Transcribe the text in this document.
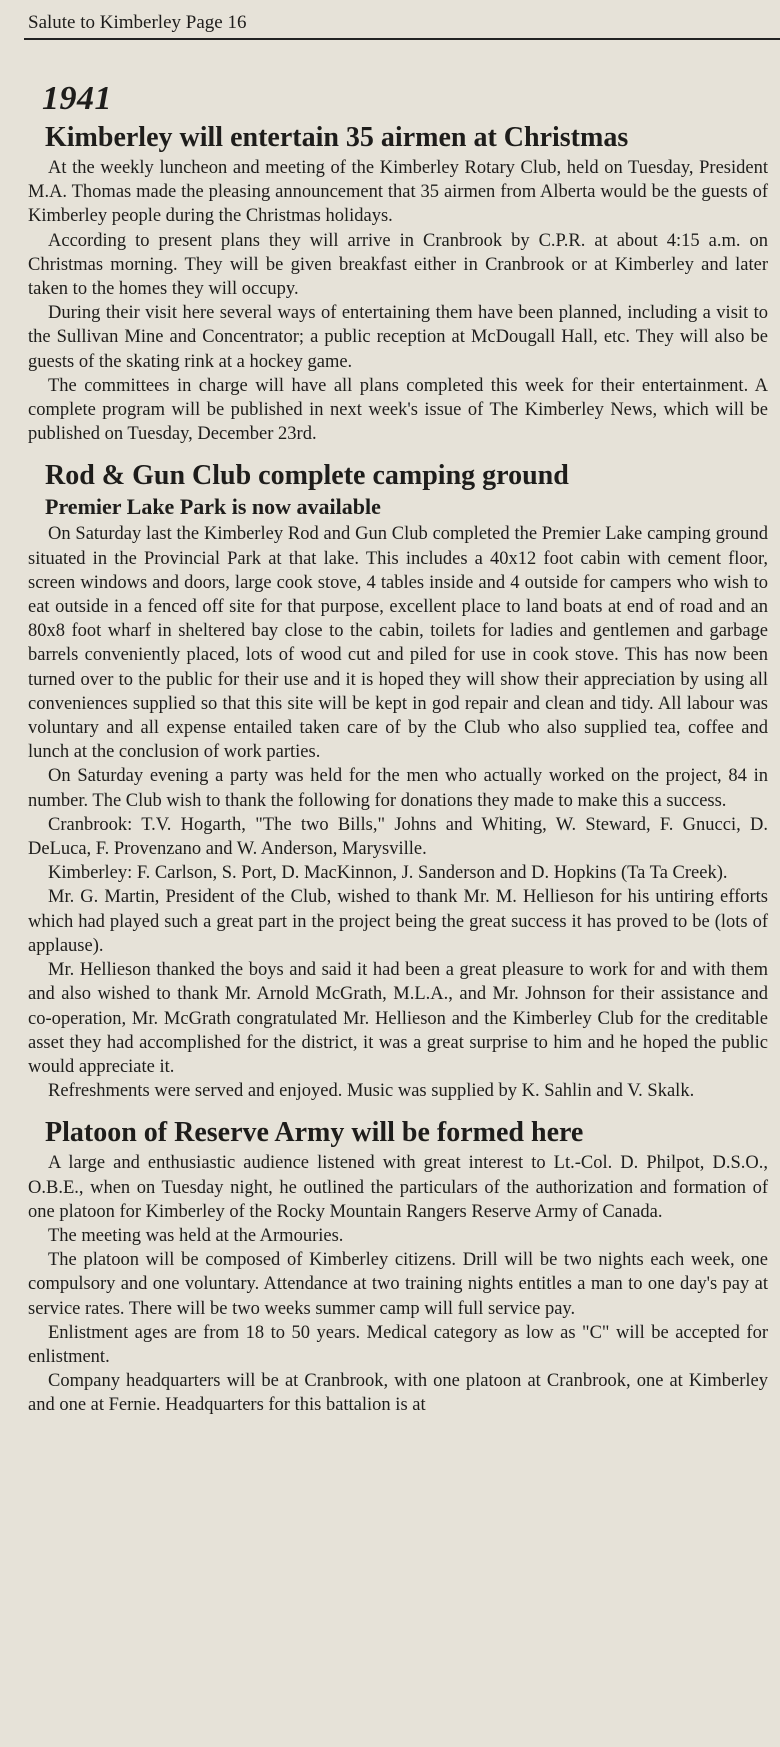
Salute to Kimberley Page 16
1941
Kimberley will entertain 35 airmen at Christmas

At the weekly luncheon and meeting of the Kimberley Rotary Club, held on Tuesday, President M.A. Thomas made the pleasing announcement that 35 airmen from Alberta would be the guests of Kimberley people during the Christmas holidays.

According to present plans they will arrive in Cranbrook by C.P.R. at about 4:15 a.m. on Christmas morning. They will be given breakfast either in Cranbrook or at Kimberley and later taken to the homes they will occupy.

During their visit here several ways of entertaining them have been planned, including a visit to the Sullivan Mine and Concentrator; a public reception at McDougall Hall, etc. They will also be guests of the skating rink at a hockey game.

The committees in charge will have all plans completed this week for their entertainment. A complete program will be published in next week's issue of The Kimberley News, which will be published on Tuesday, December 23rd.

Rod & Gun Club complete camping ground
Premier Lake Park is now available

On Saturday last the Kimberley Rod and Gun Club completed the Premier Lake camping ground situated in the Provincial Park at that lake. This includes a 40x12 foot cabin with cement floor, screen windows and doors, large cook stove, 4 tables inside and 4 outside for campers who wish to eat outside in a fenced off site for that purpose, excellent place to land boats at end of road and an 80x8 foot wharf in sheltered bay close to the cabin, toilets for ladies and gentlemen and garbage barrels conveniently placed, lots of wood cut and piled for use in cook stove. This has now been turned over to the public for their use and it is hoped they will show their appreciation by using all conveniences supplied so that this site will be kept in god repair and clean and tidy. All labour was voluntary and all expense entailed taken care of by the Club who also supplied tea, coffee and lunch at the conclusion of work parties.

On Saturday evening a party was held for the men who actually worked on the project, 84 in number. The Club wish to thank the following for donations they made to make this a success.

Cranbrook: T.V. Hogarth, "The two Bills," Johns and Whiting, W. Steward, F. Gnucci, D. DeLuca, F. Provenzano and W. Anderson, Marysville.

Kimberley: F. Carlson, S. Port, D. MacKinnon, J. Sanderson and D. Hopkins (Ta Ta Creek).

Mr. G. Martin, President of the Club, wished to thank Mr. M. Hellieson for his untiring efforts which had played such a great part in the project being the great success it has proved to be (lots of applause).

Mr. Hellieson thanked the boys and said it had been a great pleasure to work for and with them and also wished to thank Mr. Arnold McGrath, M.L.A., and Mr. Johnson for their assistance and co-operation, Mr. McGrath congratulated Mr. Hellieson and the Kimberley Club for the creditable asset they had accomplished for the district, it was a great surprise to him and he hoped the public would appreciate it.

Refreshments were served and enjoyed. Music was supplied by K. Sahlin and V. Skalk.

Platoon of Reserve Army will be formed here

A large and enthusiastic audience listened with great interest to Lt.-Col. D. Philpot, D.S.O., O.B.E., when on Tuesday night, he outlined the particulars of the authorization and formation of one platoon for Kimberley of the Rocky Mountain Rangers Reserve Army of Canada.

The meeting was held at the Armouries.

The platoon will be composed of Kimberley citizens. Drill will be two nights each week, one compulsory and one voluntary. Attendance at two training nights entitles a man to one day's pay at service rates. There will be two weeks summer camp will full service pay.

Enlistment ages are from 18 to 50 years. Medical category as low as "C" will be accepted for enlistment.

Company headquarters will be at Cranbrook, with one platoon at Cranbrook, one at Kimberley and one at Fernie. Headquarters for this battalion is at
